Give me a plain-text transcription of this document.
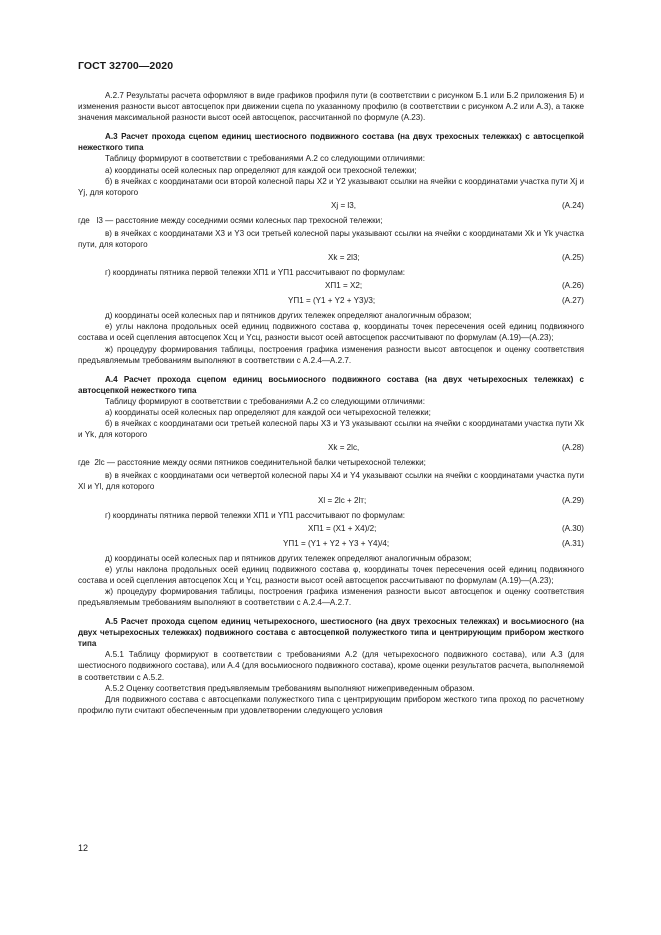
ГОСТ 32700—2020

А.2.7 Результаты расчета оформляют в виде графиков профиля пути (в соответствии с рисунком Б.1 или Б.2 приложения Б) и изменения разности высот автосцепок при движении сцепа по указанному профилю (в соответствии с рисунком А.2 или А.3), а также значения максимальной разности высот осей автосцепок, рассчитанной по формуле (А.23).

А.3 Расчет прохода сцепом единиц шестиосного подвижного состава (на двух трехосных тележках) с автосцепкой нежесткого типа

Таблицу формируют в соответствии с требованиями А.2 со следующими отличиями:

а) координаты осей колесных пар определяют для каждой оси трехосной тележки;

б) в ячейках с координатами оси второй колесной пары X2 и Y2 указывают ссылки на ячейки с координатами участка пути Xj и Yj, для которого

Xj = l3,	(А.24)

где l3 — расстояние между соседними осями колесных пар трехосной тележки;

в) в ячейках с координатами X3 и Y3 оси третьей колесной пары указывают ссылки на ячейки с координатами Xk и Yk участка пути, для которого

Xk = 2l3;	(А.25)

г) координаты пятника первой тележки XП1 и YП1 рассчитывают по формулам:

XП1 = X2;	(А.26)
YП1 = (Y1 + Y2 + Y3)/3;	(А.27)

д) координаты осей колесных пар и пятников других тележек определяют аналогичным образом;

е) углы наклона продольных осей единиц подвижного состава φ, координаты точек пересечения осей единиц подвижного состава и осей сцепления автосцепок Xсц и Yсц, разности высот осей автосцепок рассчитывают по формулам (А.19)—(А.23);

ж) процедуру формирования таблицы, построения графика изменения разности высот автосцепок и оценку соответствия предъявляемым требованиям выполняют в соответствии с А.2.4—А.2.7.

А.4 Расчет прохода сцепом единиц восьмиосного подвижного состава (на двух четырехосных тележках) с автосцепкой нежесткого типа

Таблицу формируют в соответствии с требованиями А.2 со следующими отличиями:

а) координаты осей колесных пар определяют для каждой оси четырехосной тележки;

б) в ячейках с координатами оси третьей колесной пары X3 и Y3 указывают ссылки на ячейки с координатами участка пути Xk и Yk, для которого

Xk = 2lс,	(А.28)

где 2lс — расстояние между осями пятников соединительной балки четырехосной тележки;

в) в ячейках с координатами оси четвертой колесной пары X4 и Y4 указывают ссылки на ячейки с координатами участка пути Xl и Yl, для которого

Xl = 2lс + 2lт;	(А.29)

г) координаты пятника первой тележки XП1 и YП1 рассчитывают по формулам:

XП1 = (X1 + X4)/2;	(А.30)
YП1 = (Y1 + Y2 + Y3 + Y4)/4;	(А.31)

д) координаты осей колесных пар и пятников других тележек определяют аналогичным образом;

е) углы наклона продольных осей единиц подвижного состава φ, координаты точек пересечения осей единиц подвижного состава и осей сцепления автосцепок Xсц и Yсц, разности высот осей автосцепок рассчитывают по формулам (А.19)—(А.23);

ж) процедуру формирования таблицы, построения графика изменения разности высот автосцепок и оценку соответствия предъявляемым требованиям выполняют в соответствии с А.2.4—А.2.7.

А.5 Расчет прохода сцепом единиц четырехосного, шестиосного (на двух трехосных тележках) и восьмиосного (на двух четырехосных тележках) подвижного состава с автосцепкой полужесткого типа и центрирующим прибором жесткого типа

А.5.1 Таблицу формируют в соответствии с требованиями А.2 (для четырехосного подвижного состава), или А.3 (для шестиосного подвижного состава), или А.4 (для восьмиосного подвижного состава), кроме оценки результатов расчета, выполняемой в соответствии с А.5.2.

А.5.2 Оценку соответствия предъявляемым требованиям выполняют нижеприведенным образом.

Для подвижного состава с автосцепками полужесткого типа с центрирующим прибором жесткого типа проход по расчетному профилю пути считают обеспеченным при удовлетворении следующего условия

12
